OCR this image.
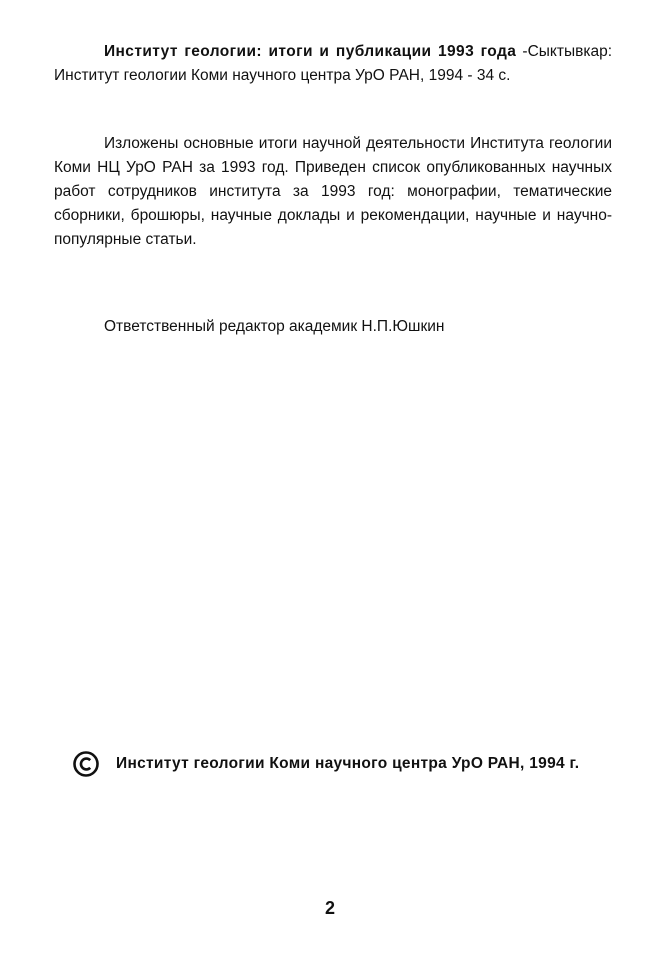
Институт геологии: итоги и публикации 1993 года -Сыктывкар: Институт геологии Коми научного центра УрО РАН, 1994 - 34 с.

Изложены основные итоги научной деятельности Института геологии Коми НЦ УрО РАН за 1993 год. Приведен список опубликованных научных работ сотрудников института за 1993 год: монографии, тематические сборники, брошюры, научные доклады и рекомендации, научные и научно-популярные статьи.

Ответственный редактор академик Н.П.Юшкин
Институт геологии Коми научного центра УрО РАН, 1994 г.
2
